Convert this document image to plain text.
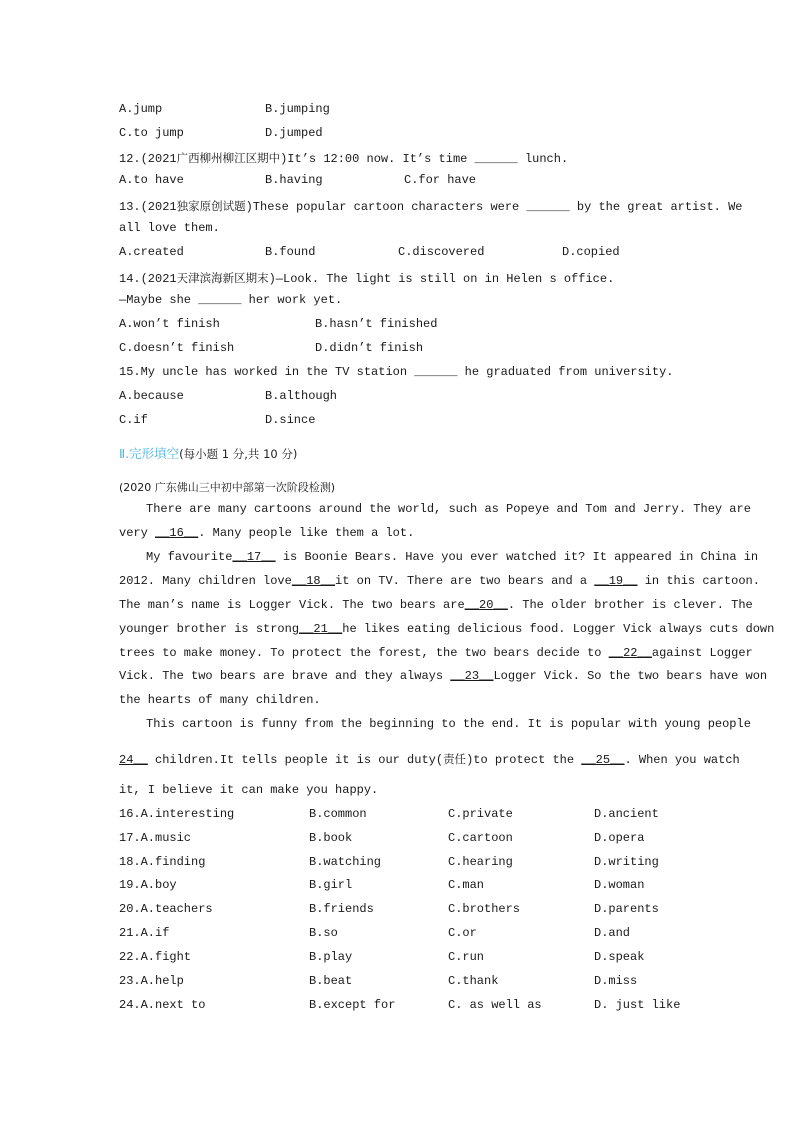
A.jump	B.jumping
C.to jump	D.jumped
12.(2021广西柳州柳江区期中)It’s 12:00 now. It’s time ______ lunch.
A.to have	B.having	C.for have
13.(2021独家原创试题)These popular cartoon characters were ______ by the great artist. We
all love them.
A.created	B.found	C.discovered	D.copied
14.(2021天津滨海新区期末)—Look. The light is still on in Helen s office.
—Maybe she ______ her work yet.
A.won’t finish	B.hasn’t finished
C.doesn’t finish	D.didn’t finish
15.My uncle has worked in the TV station ______ he graduated from university.
A.because	B.although
C.if	D.since
Ⅱ.完形填空(每小题 1 分,共 10 分)
(2020 广东佛山三中初中部第一次阶段检测)
There are many cartoons around the world, such as Popeye and Tom and Jerry. They are
very __16__. Many people like them a lot.
My favourite__17__ is Boonie Bears. Have you ever watched it? It appeared in China in
2012. Many children love__18__it on TV. There are two bears and a __19__ in this cartoon.
The man’s name is Logger Vick. The two bears are__20__. The older brother is clever. The
younger brother is strong__21__he likes eating delicious food. Logger Vick always cuts down
trees to make money. To protect the forest, the two bears decide to __22__against Logger
Vick. The two bears are brave and they always __23__Logger Vick. So the two bears have won
the hearts of many children.
This cartoon is funny from the beginning to the end. It is popular with young people
24__ children.It tells people it is our duty(责任)to protect the __25__. When you watch
it, I believe it can make you happy.
16.A.interesting	B.common	C.private	D.ancient
17.A.music	B.book	C.cartoon	D.opera
18.A.finding	B.watching	C.hearing	D.writing
19.A.boy	B.girl	C.man	D.woman
20.A.teachers	B.friends	C.brothers	D.parents
21.A.if	B.so	C.or	D.and
22.A.fight	B.play	C.run	D.speak
23.A.help	B.beat	C.thank	D.miss
24.A.next to	B.except for	C. as well as	D. just like
